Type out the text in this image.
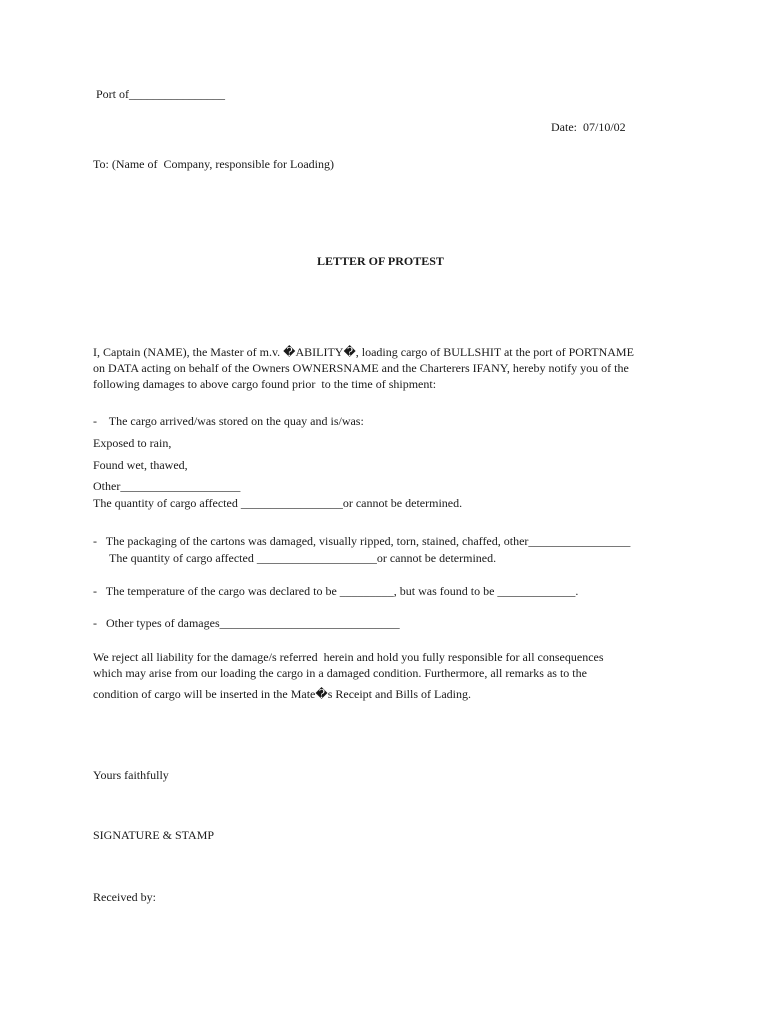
Port of________________
Date:  07/10/02
To: (Name of  Company, responsible for Loading)
LETTER OF PROTEST
I, Captain (NAME), the Master of m.v. �ABILITY�, loading cargo of BULLSHIT at the port of PORTNAME
on DATA acting on behalf of the Owners OWNERSNAME and the Charterers IFANY, hereby notify you of the
following damages to above cargo found prior  to the time of shipment:
-    The cargo arrived/was stored on the quay and is/was:
Exposed to rain,
Found wet, thawed,
Other____________________
The quantity of cargo affected _________________or cannot be determined.
-   The packaging of the cartons was damaged, visually ripped, torn, stained, chaffed, other_________________
The quantity of cargo affected ____________________or cannot be determined.
-   The temperature of the cargo was declared to be _________, but was found to be _____________.
-   Other types of damages______________________________
We reject all liability for the damage/s referred  herein and hold you fully responsible for all consequences
which may arise from our loading the cargo in a damaged condition. Furthermore, all remarks as to the
condition of cargo will be inserted in the Mate�s Receipt and Bills of Lading.
Yours faithfully
SIGNATURE & STAMP
Received by:
